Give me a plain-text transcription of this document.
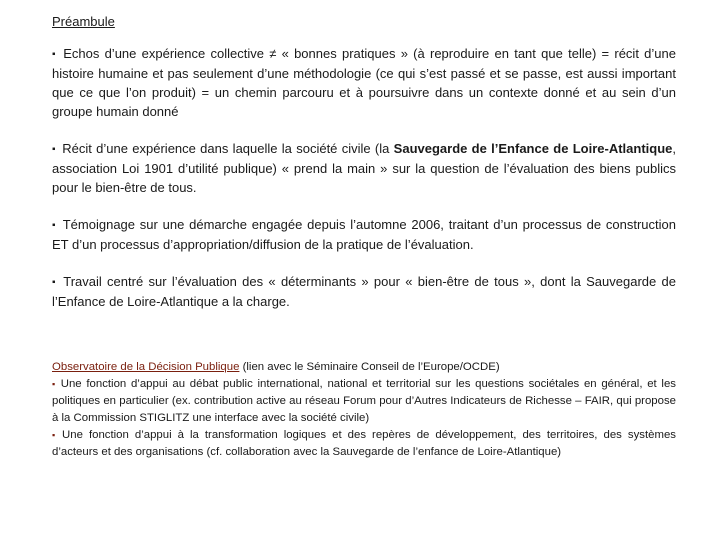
Préambule

▪ Echos d’une expérience collective ≠ « bonnes pratiques » (à reproduire en tant que telle) = récit d’une histoire humaine et pas seulement d’une méthodologie (ce qui s’est passé et se passe, est aussi important que ce que l’on produit) = un chemin parcouru et à poursuivre dans un contexte donné et au sein d’un groupe humain donné

▪ Récit d’une expérience dans laquelle la société civile (la Sauvegarde de l’Enfance de Loire-Atlantique, association Loi 1901 d’utilité publique) « prend la main » sur la question de l’évaluation des biens publics pour le bien-être de tous.

▪ Témoignage sur une démarche engagée depuis l’automne 2006, traitant d’un processus de construction ET d’un processus d’appropriation/diffusion de la pratique de l’évaluation.

▪ Travail centré sur l’évaluation des « déterminants » pour « bien-être de tous », dont la Sauvegarde de l’Enfance de Loire-Atlantique a la charge.

Observatoire de la Décision Publique (lien avec le Séminaire Conseil de l’Europe/OCDE)

▪ Une fonction d’appui au débat public international, national et territorial sur les questions sociétales en général, et les politiques en particulier (ex. contribution active au réseau Forum pour d’Autres Indicateurs de Richesse – FAIR, qui propose à la Commission STIGLITZ une interface avec la société civile)

▪ Une fonction d’appui à la transformation logiques et des repères de développement, des territoires, des systèmes d’acteurs et des organisations (cf. collaboration avec la Sauvegarde de l’enfance de Loire-Atlantique)
